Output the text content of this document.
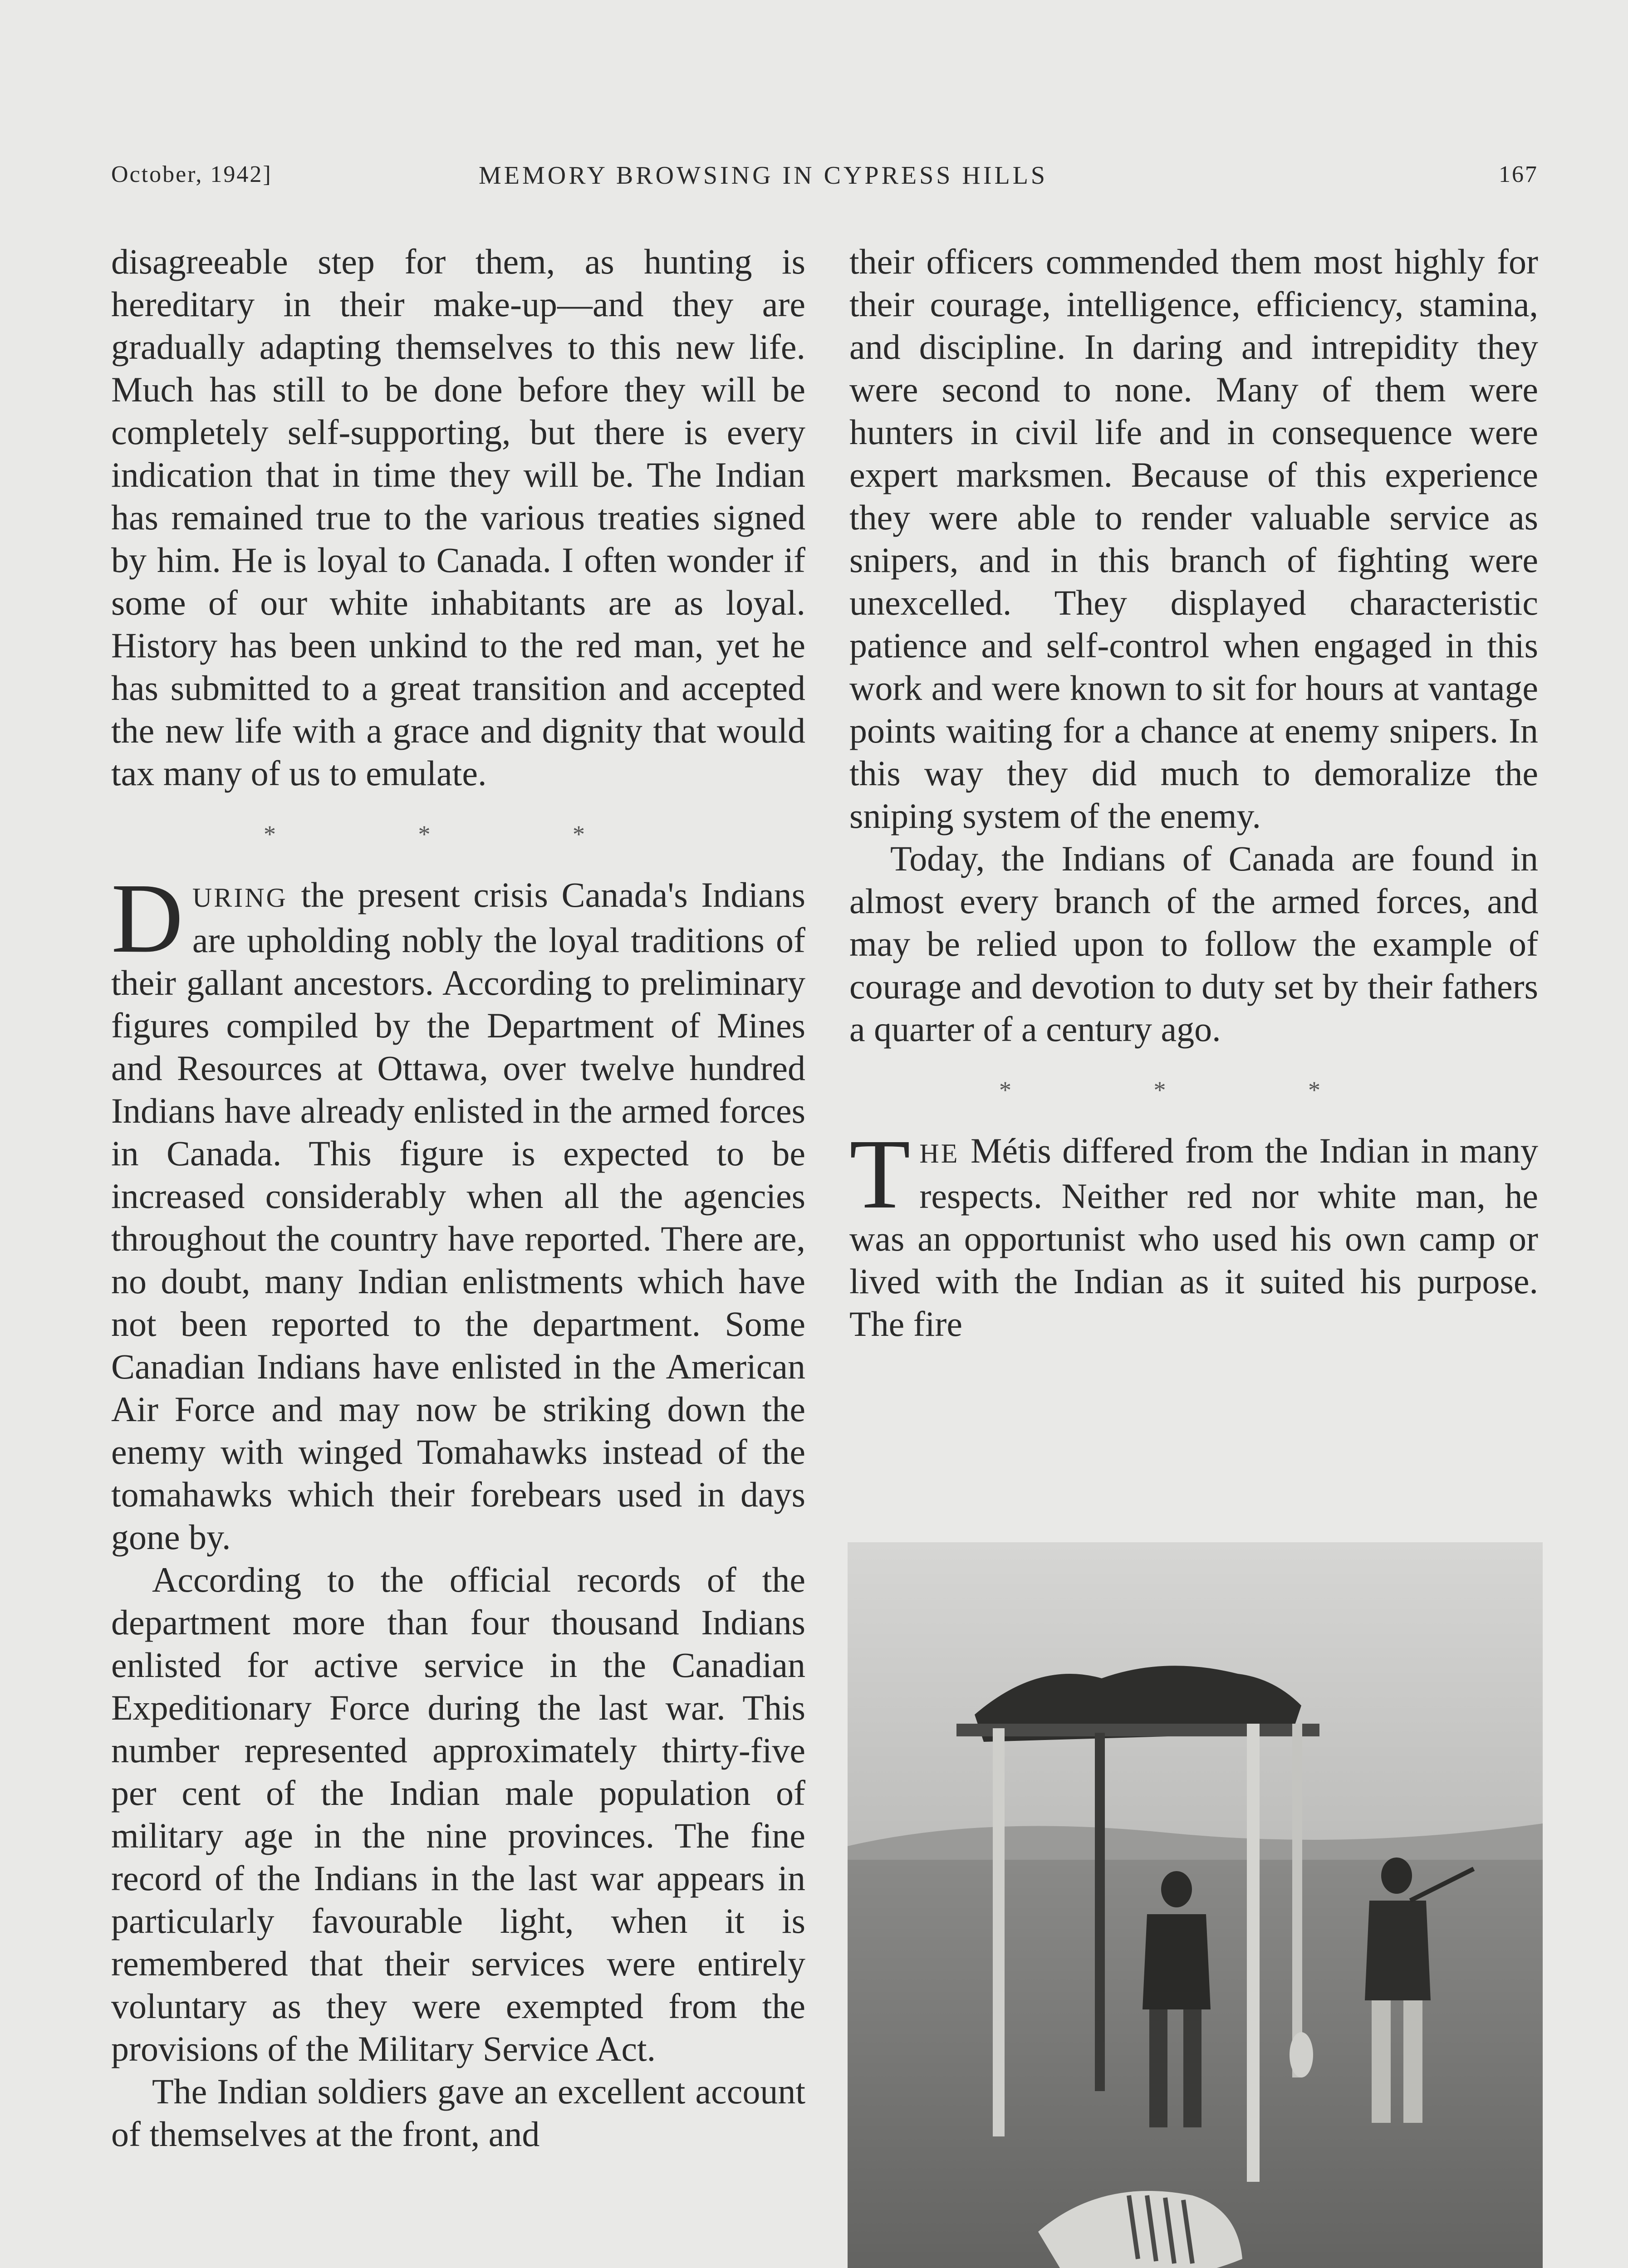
October, 1942]	MEMORY BROWSING IN CYPRESS HILLS	167

disagreeable step for them, as hunting is hereditary in their make-up—and they are gradually adapting themselves to this new life. Much has still to be done before they will be completely self-supporting, but there is every indication that in time they will be. The Indian has remained true to the various treaties signed by him. He is loyal to Canada. I often wonder if some of our white inhabitants are as loyal. History has been unkind to the red man, yet he has submitted to a great transition and accepted the new life with a grace and dignity that would tax many of us to emulate.

* * *

DURING the present crisis Canada's Indians are upholding nobly the loyal traditions of their gallant ancestors. According to preliminary figures compiled by the Department of Mines and Resources at Ottawa, over twelve hundred Indians have already enlisted in the armed forces in Canada. This figure is expected to be increased considerably when all the agencies throughout the country have reported. There are, no doubt, many Indian enlistments which have not been reported to the department. Some Canadian Indians have enlisted in the American Air Force and may now be striking down the enemy with winged Tomahawks instead of the tomahawks which their forebears used in days gone by.

According to the official records of the department more than four thousand Indians enlisted for active service in the Canadian Expeditionary Force during the last war. This number represented approximately thirty-five per cent of the Indian male population of military age in the nine provinces. The fine record of the Indians in the last war appears in particularly favourable light, when it is remembered that their services were entirely voluntary as they were exempted from the provisions of the Military Service Act.

The Indian soldiers gave an excellent account of themselves at the front, and

their officers commended them most highly for their courage, intelligence, efficiency, stamina, and discipline. In daring and intrepidity they were second to none. Many of them were hunters in civil life and in consequence were expert marksmen. Because of this experience they were able to render valuable service as snipers, and in this branch of fighting were unexcelled. They displayed characteristic patience and self-control when engaged in this work and were known to sit for hours at vantage points waiting for a chance at enemy snipers. In this way they did much to demoralize the sniping system of the enemy.

Today, the Indians of Canada are found in almost every branch of the armed forces, and may be relied upon to follow the example of courage and devotion to duty set by their fathers a quarter of a century ago.

* * *

THE Métis differed from the Indian in many respects. Neither red nor white man, he was an opportunist who used his own camp or lived with the Indian as it suited his purpose. The fire
